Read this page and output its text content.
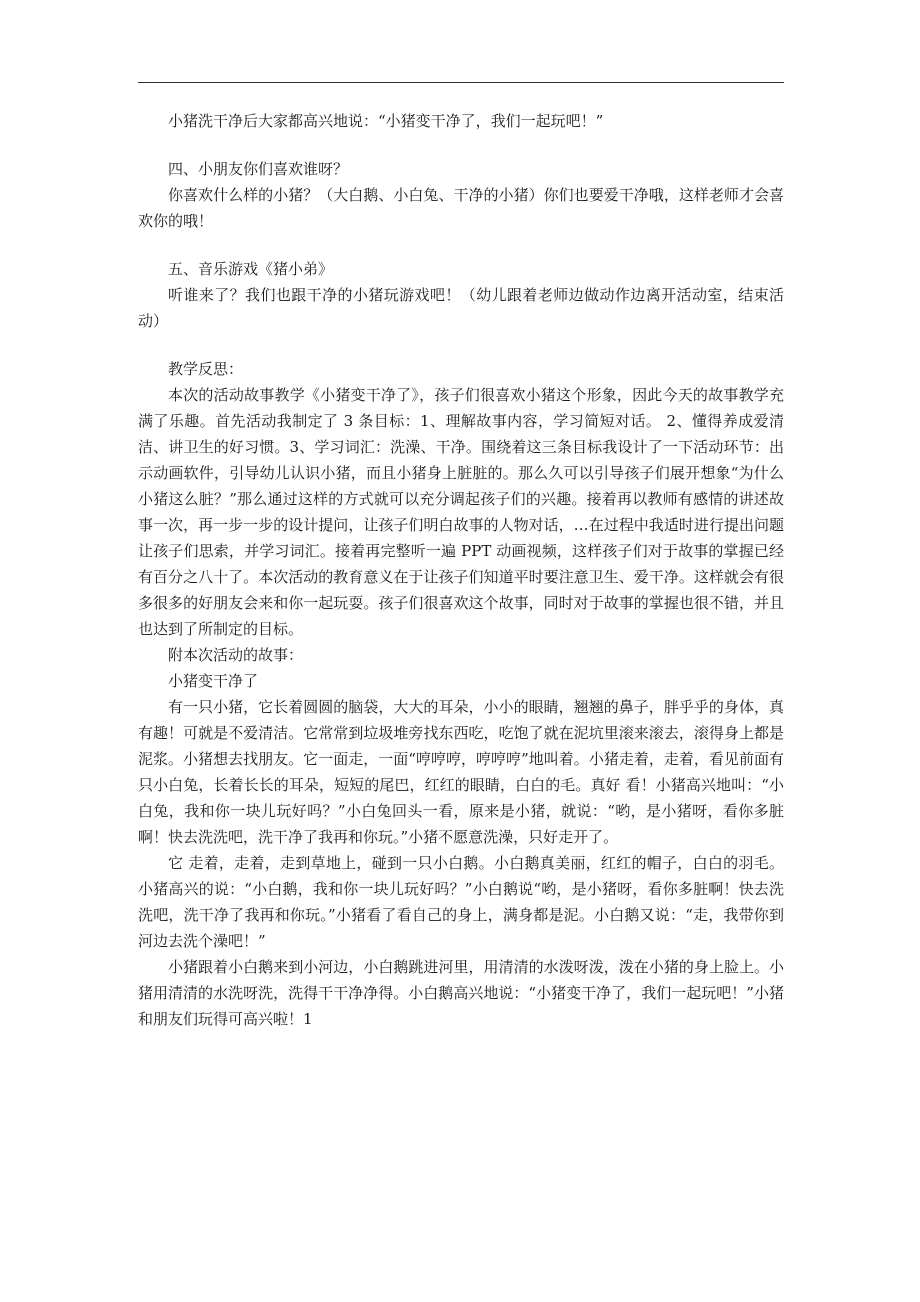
小猪洗干净后大家都高兴地说：“小猪变干净了，我们一起玩吧！”

四、小朋友你们喜欢谁呀？

你喜欢什么样的小猪？（大白鹅、小白兔、干净的小猪）你们也要爱干净哦，这样老师才会喜欢你的哦！

五、音乐游戏《猪小弟》

听谁来了？我们也跟干净的小猪玩游戏吧！（幼儿跟着老师边做动作边离开活动室，结束活动）

教学反思：

本次的活动故事教学《小猪变干净了》，孩子们很喜欢小猪这个形象，因此今天的故事教学充满了乐趣。首先活动我制定了 3 条目标：1、理解故事内容，学习简短对话。 2、懂得养成爱清洁、讲卫生的好习惯。3、学习词汇：洗澡、干净。围绕着这三条目标我设计了一下活动环节：出示动画软件，引导幼儿认识小猪，而且小猪身上脏脏的。那么久可以引导孩子们展开想象“为什么小猪这么脏？”那么通过这样的方式就可以充分调起孩子们的兴趣。接着再以教师有感情的讲述故事一次，再一步一步的设计提问，让孩子们明白故事的人物对话，…在过程中我适时进行提出问题让孩子们思索，并学习词汇。接着再完整听一遍 PPT 动画视频，这样孩子们对于故事的掌握已经有百分之八十了。本次活动的教育意义在于让孩子们知道平时要注意卫生、爱干净。这样就会有很多很多的好朋友会来和你一起玩耍。孩子们很喜欢这个故事，同时对于故事的掌握也很不错，并且也达到了所制定的目标。

附本次活动的故事：

小猪变干净了

有一只小猪，它长着圆圆的脑袋，大大的耳朵，小小的眼睛，翘翘的鼻子，胖乎乎的身体，真有趣！可就是不爱清洁。它常常到垃圾堆旁找东西吃，吃饱了就在泥坑里滚来滚去，滚得身上都是泥浆。小猪想去找朋友。它一面走，一面“哼哼哼，哼哼哼”地叫着。小猪走着，走着，看见前面有只小白兔，长着长长的耳朵，短短的尾巴，红红的眼睛，白白的毛。真好 看！小猪高兴地叫：“小白兔，我和你一块儿玩好吗？”小白兔回头一看，原来是小猪，就说：“哟，是小猪呀，看你多脏啊！快去洗洗吧，洗干净了我再和你玩。”小猪不愿意洗澡，只好走开了。

它 走着，走着，走到草地上，碰到一只小白鹅。小白鹅真美丽，红红的帽子，白白的羽毛。小猪高兴的说：“小白鹅，我和你一块儿玩好吗？”小白鹅说“哟，是小猪呀，看你多脏啊！快去洗洗吧，洗干净了我再和你玩。”小猪看了看自己的身上，满身都是泥。小白鹅又说：“走，我带你到河边去洗个澡吧！”

小猪跟着小白鹅来到小河边，小白鹅跳进河里，用清清的水泼呀泼，泼在小猪的身上脸上。小猪用清清的水洗呀洗，洗得干干净净得。小白鹅高兴地说：“小猪变干净了，我们一起玩吧！”小猪和朋友们玩得可高兴啦！1
